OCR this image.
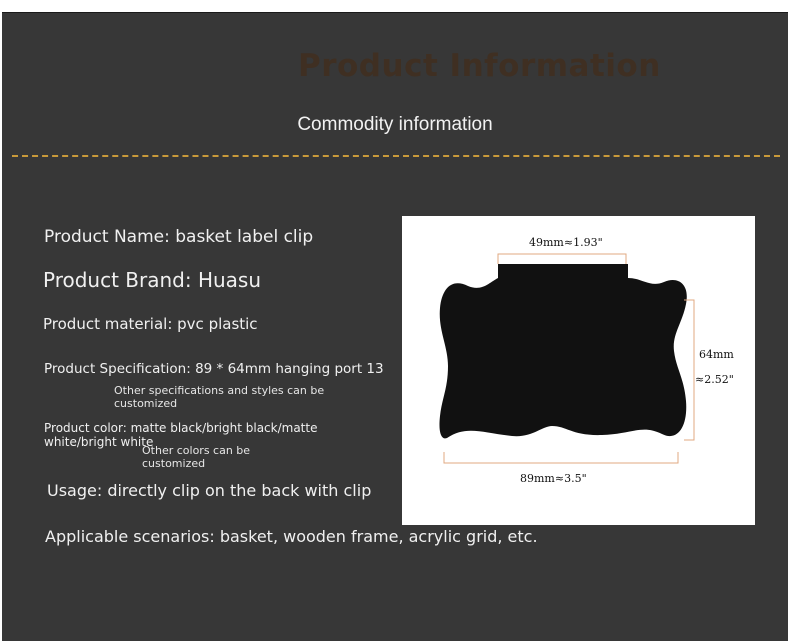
Product Information
Commodity information
Product Name: basket label clip
Product Brand: Huasu
Product material: pvc plastic
Product Specification: 89 * 64mm hanging port 13
Other specifications and styles can be customized
Product color: matte black/bright black/matte white/bright white
Other colors can be customized
Usage: directly clip on the back with clip
Applicable scenarios: basket, wooden frame, acrylic grid, etc.
49mm≈1.93"
64mm
≈2.52"
89mm≈3.5"
